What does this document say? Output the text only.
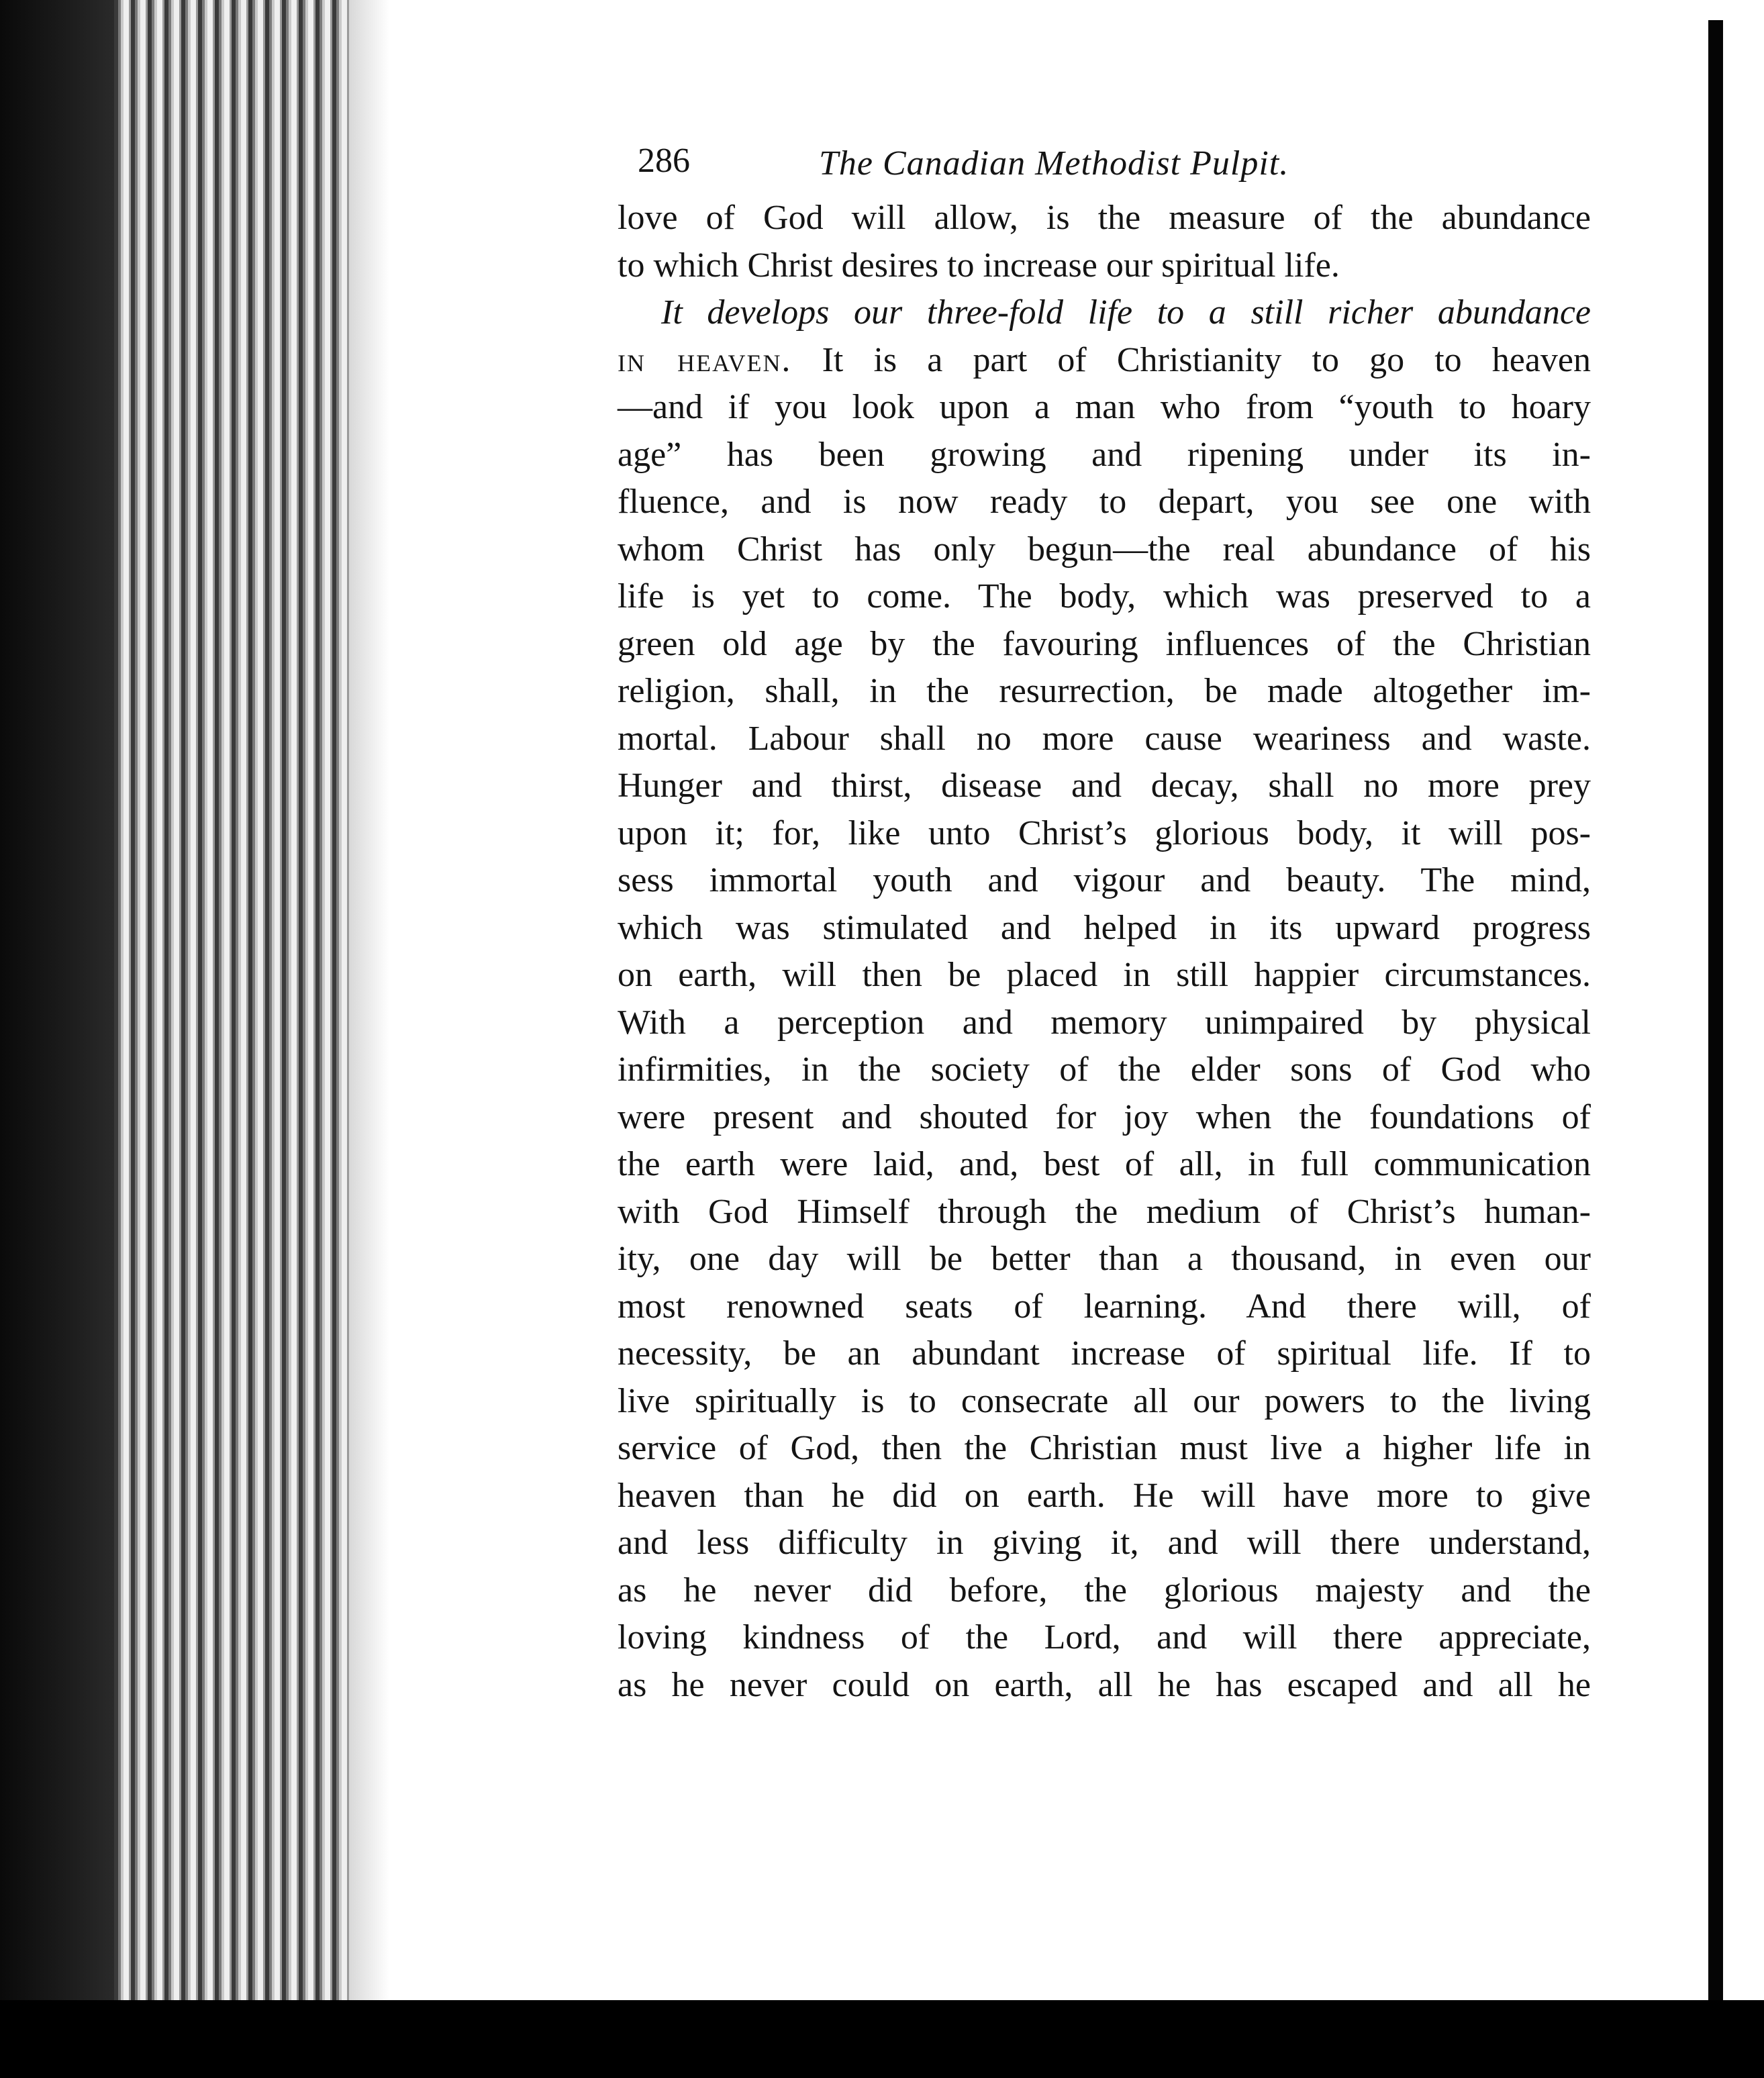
286	The Canadian Methodist Pulpit.
love of God will allow, is the measure of the abundance
to which Christ desires to increase our spiritual life.
It develops our three-fold life to a still richer abundance
in heaven. It is a part of Christianity to go to heaven
—and if you look upon a man who from “youth to hoary
age” has been growing and ripening under its in-
fluence, and is now ready to depart, you see one with
whom Christ has only begun—the real abundance of his
life is yet to come. The body, which was preserved to a
green old age by the favouring influences of the Christian
religion, shall, in the resurrection, be made altogether im-
mortal. Labour shall no more cause weariness and waste.
Hunger and thirst, disease and decay, shall no more prey
upon it; for, like unto Christ’s glorious body, it will pos-
sess immortal youth and vigour and beauty. The mind,
which was stimulated and helped in its upward progress
on earth, will then be placed in still happier circumstances.
With a perception and memory unimpaired by physical
infirmities, in the society of the elder sons of God who
were present and shouted for joy when the foundations of
the earth were laid, and, best of all, in full communication
with God Himself through the medium of Christ’s human-
ity, one day will be better than a thousand, in even our
most renowned seats of learning. And there will, of
necessity, be an abundant increase of spiritual life. If to
live spiritually is to consecrate all our powers to the living
service of God, then the Christian must live a higher life in
heaven than he did on earth. He will have more to give
and less difficulty in giving it, and will there understand,
as he never did before, the glorious majesty and the
loving kindness of the Lord, and will there appreciate,
as he never could on earth, all he has escaped and all he
